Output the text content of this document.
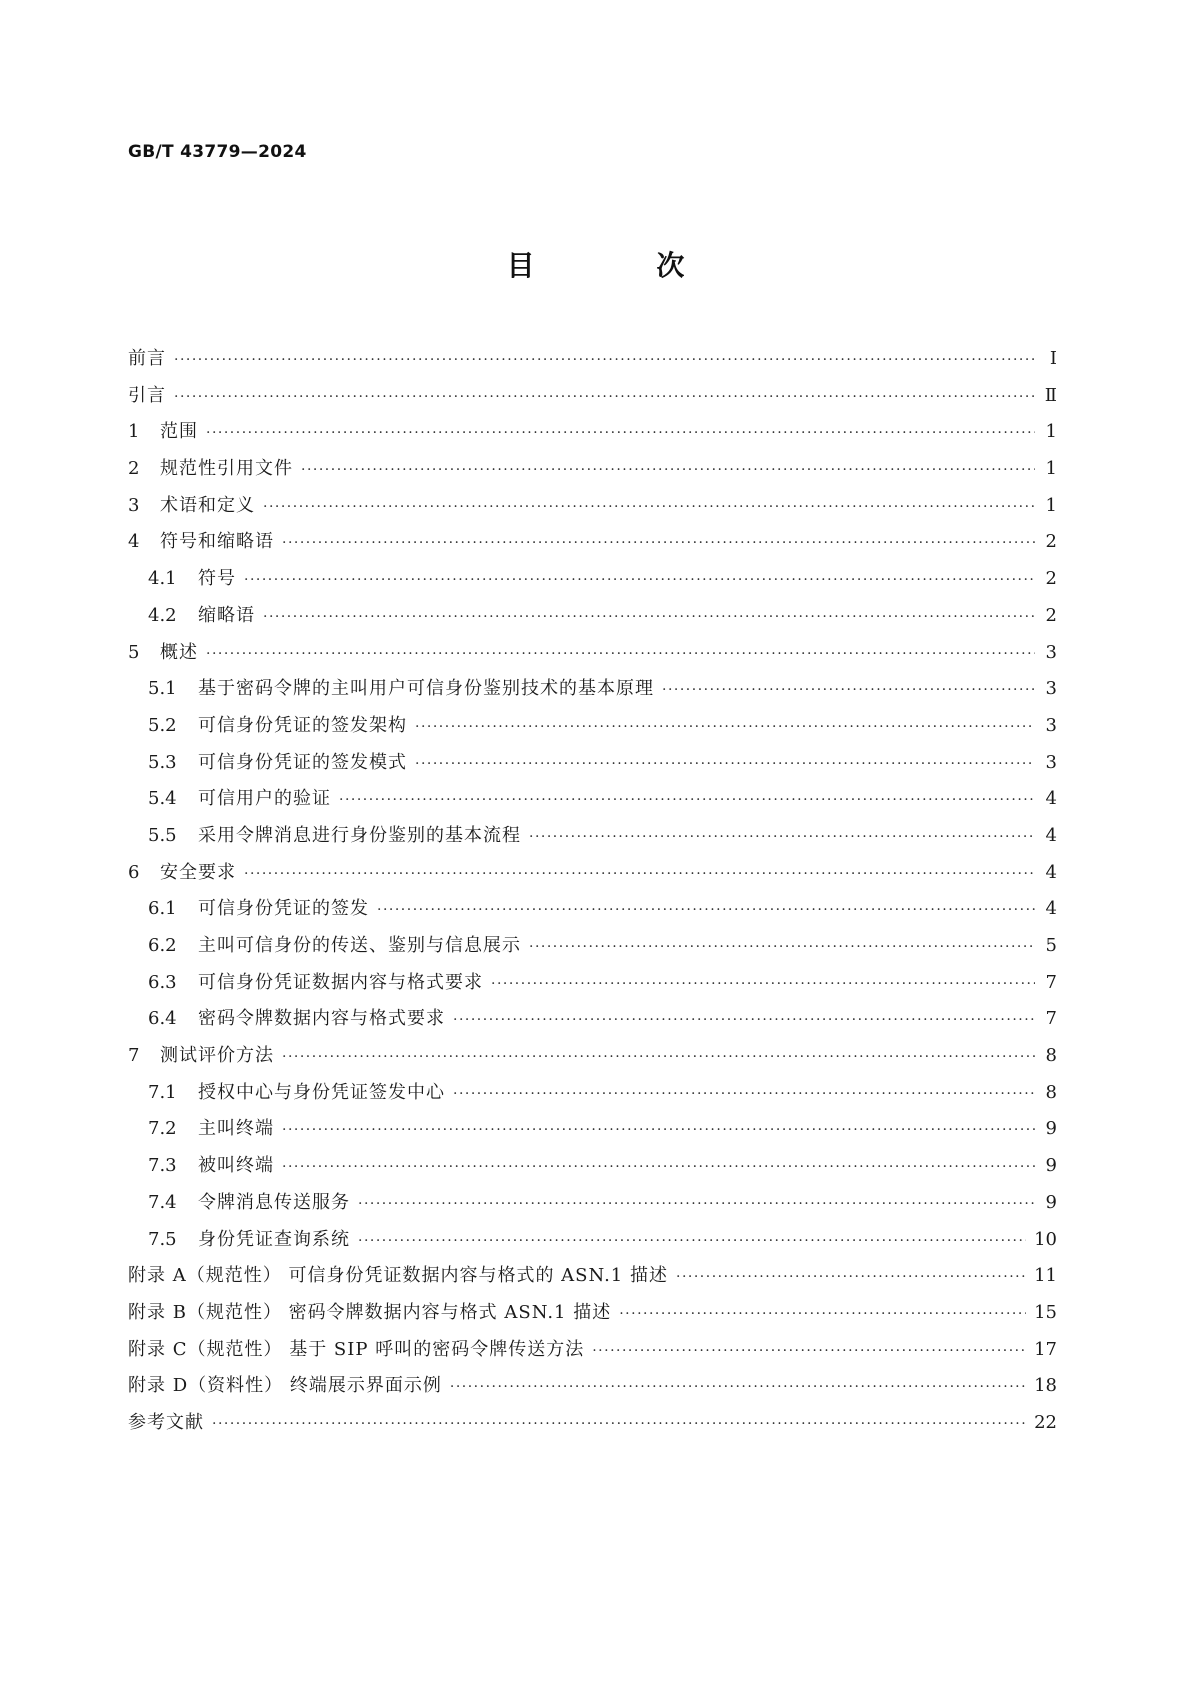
GB/T 43779—2024
目 次
前言 ·····	Ⅰ
引言 ·····	Ⅱ
1	范围 ·····	1
2	规范性引用文件 ·····	1
3	术语和定义 ·····	1
4	符号和缩略语 ·····	2
4.1	符号 ·····	2
4.2	缩略语 ·····	2
5	概述 ·····	3
5.1	基于密码令牌的主叫用户可信身份鉴别技术的基本原理 ·····	3
5.2	可信身份凭证的签发架构 ·····	3
5.3	可信身份凭证的签发模式 ·····	3
5.4	可信用户的验证 ·····	4
5.5	采用令牌消息进行身份鉴别的基本流程 ·····	4
6	安全要求 ·····	4
6.1	可信身份凭证的签发 ·····	4
6.2	主叫可信身份的传送、鉴别与信息展示 ·····	5
6.3	可信身份凭证数据内容与格式要求 ·····	7
6.4	密码令牌数据内容与格式要求 ·····	7
7	测试评价方法 ·····	8
7.1	授权中心与身份凭证签发中心 ·····	8
7.2	主叫终端 ·····	9
7.3	被叫终端 ·····	9
7.4	令牌消息传送服务 ·····	9
7.5	身份凭证查询系统 ·····	10
附录 A（规范性） 可信身份凭证数据内容与格式的 ASN.1 描述 ·····	11
附录 B（规范性） 密码令牌数据内容与格式 ASN.1 描述 ·····	15
附录 C（规范性） 基于 SIP 呼叫的密码令牌传送方法 ·····	17
附录 D（资料性） 终端展示界面示例 ·····	18
参考文献 ·····	22
